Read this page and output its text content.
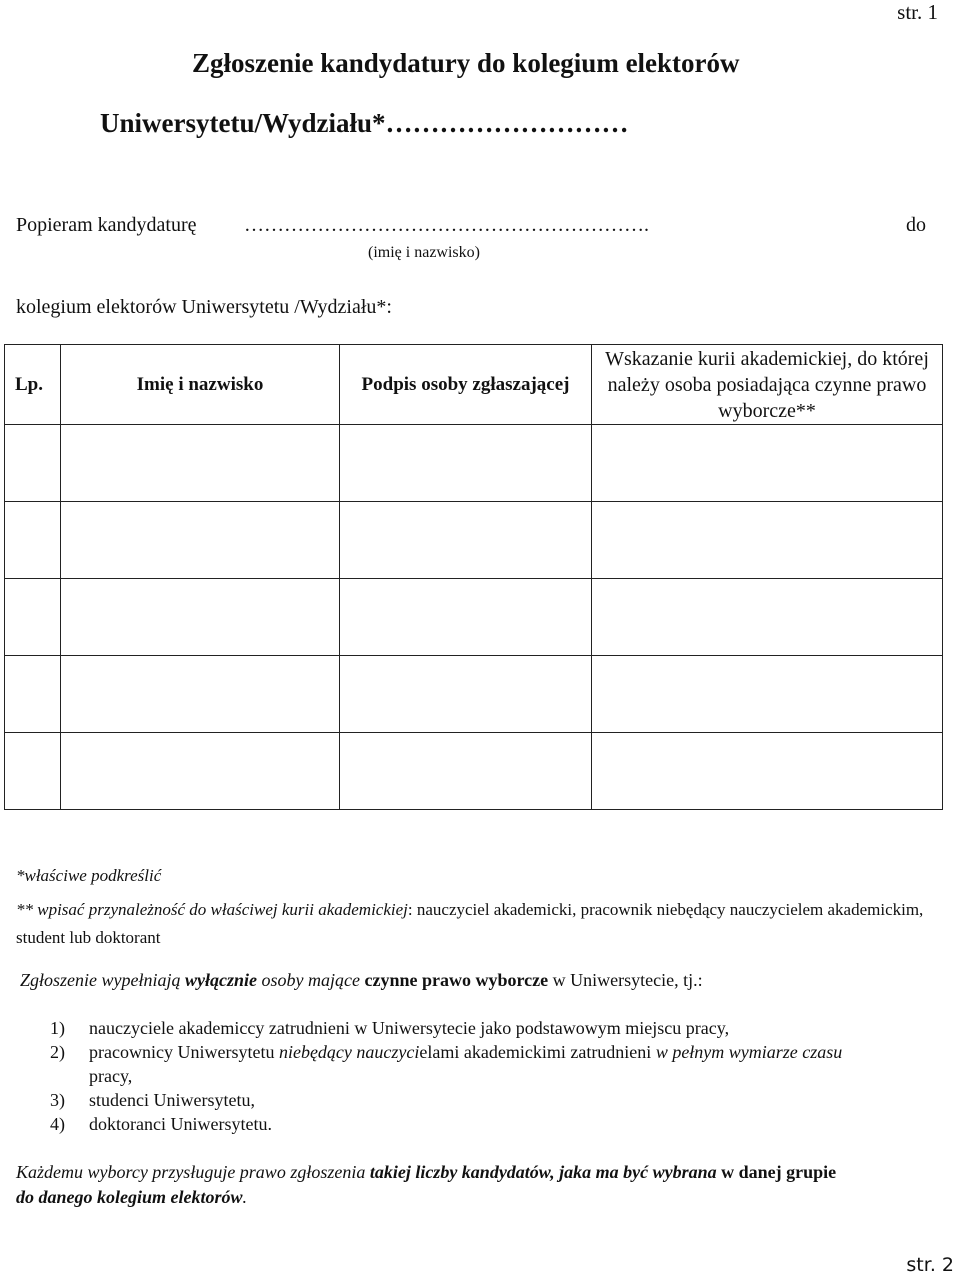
str. 1
Zgłoszenie kandydatury do kolegium elektorów
Uniwersytetu/Wydziału*………………………
Popieram kandydaturę …………………………………………………….	do
(imię i nazwisko)
kolegium elektorów Uniwersytetu /Wydziału*:
Lp.	Imię i nazwisko	Podpis osoby zgłaszającej	Wskazanie kurii akademickiej, do której należy osoba posiadająca czynne prawo wyborcze**

*właściwe podkreślić
** wpisać przynależność do właściwej kurii akademickiej: nauczyciel akademicki, pracownik niebędący nauczycielem akademickim, student lub doktorant
Zgłoszenie wypełniają wyłącznie osoby mające czynne prawo wyborcze w Uniwersytecie, tj.:
1) nauczyciele akademiccy zatrudnieni w Uniwersytecie jako podstawowym miejscu pracy,
2) pracownicy Uniwersytetu niebędący nauczycielami akademickimi zatrudnieni w pełnym wymiarze czasu
pracy,
3) studenci Uniwersytetu,
4) doktoranci Uniwersytetu.
Każdemu wyborcy przysługuje prawo zgłoszenia takiej liczby kandydatów, jaka ma być wybrana w danej grupie
do danego kolegium elektorów.
str. 2
